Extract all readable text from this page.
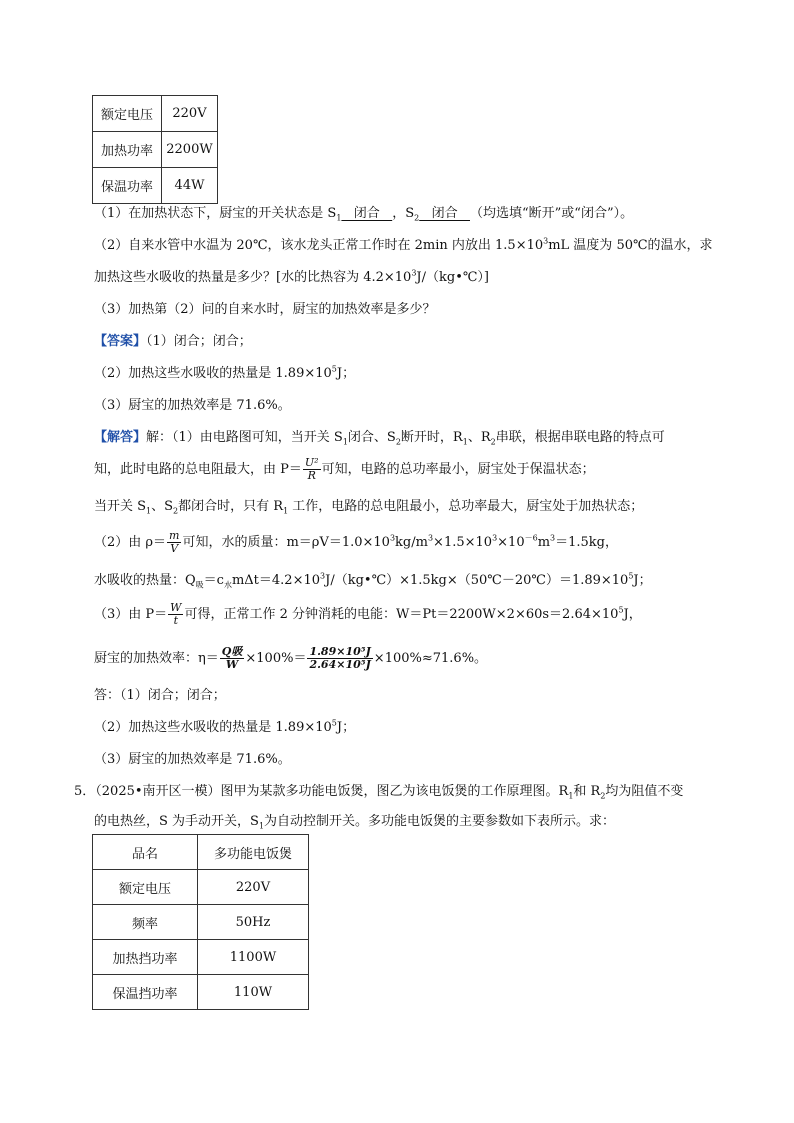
额定电压	220V
加热功率	2200W
保温功率	44W
（1）在加热状态下，厨宝的开关状态是 $S_1$   闭合   ，$S_2$   闭合   （均选填“断开”或“闭合”）。
（2）自来水管中水温为 20℃，该水龙头正常工作时在 2min 内放出 $1.5\times 10^3mL$ 温度为 50℃的温水，求
加热这些水吸收的热量是多少？[水的比热容为 $4.2\times 10^3J/(kg•℃)$]
（3）加热第（2）问的自来水时，厨宝的加热效率是多少？
【答案】（1）闭合；闭合；
（2）加热这些水吸收的热量是 $1.89\times 10^5J$；
（3）厨宝的加热效率是 71.6%。
【解答】解：（1）由电路图可知，当开关 $S_1$闭合、$S_2$断开时，$R_1$、$R_2$串联，根据串联电路的特点可
知，此时电路的总电阻最大，由 $P= \frac{\text{U²}}{R}$ 可知，电路的总功率最小，厨宝处于保温状态；
当开关 $S_1$、$S_2$都闭合时，只有 $R_1$ 工作，电路的总电阻最小，总功率最大，厨宝处于加热状态；
（2）由 $\rho= \frac{m}{V}$ 可知，水的质量：$m=\rho V=1.0\times 10^3kg/m^3\times 1.5\times 10^3\times 10^{-6}m^3=1.5kg$，
水吸收的热量：$Q_吸=c_水m\Delta t=4.2\times 10^3J/(kg•℃)\times 1.5kg\times(50℃-20℃)=1.89\times 10^5J$；
（3）由 $P= \frac{W}{t}$ 可得，正常工作 2 分钟消耗的电能：$W=Pt=2200W\times 2\times 60s=2.64\times 10^5J$，
厨宝的加热效率：$\eta= \frac{\text{Q吸}}{W} \times 100\%= \frac{\text{1.89×10⁵J}}{\text{2.64×10⁵J}} \times 100\%\approx 71.6\%$。
答：（1）闭合；闭合；
（2）加热这些水吸收的热量是 $1.89\times 10^5J$；
（3）厨宝的加热效率是 71.6%。
5．（2025•南开区一模）图甲为某款多功能电饭煲，图乙为该电饭煲的工作原理图。$R_1$和 $R_2$均为阻值不变
的电热丝，S 为手动开关，$S_1$为自动控制开关。多功能电饭煲的主要参数如下表所示。求：
品名	多功能电饭煲
额定电压	220V
频率	50Hz
加热挡功率	1100W
保温挡功率	110W
